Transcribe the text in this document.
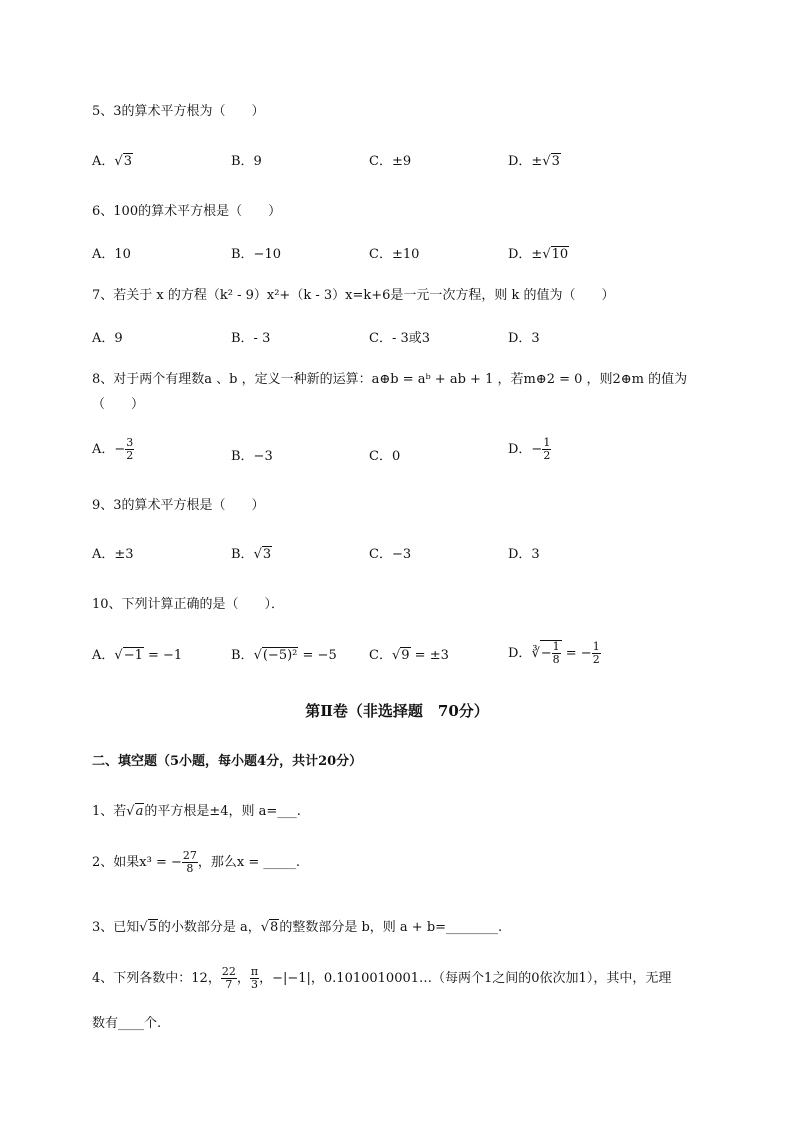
5、3的算术平方根为（　　）
A．√3	B．9	C．±9	D．±√3
6、100的算术平方根是（　　）
A．10	B．−10	C．±10	D．±√10
7、若关于 x 的方程（k² - 9）x²+（k - 3）x=k+6是一元一次方程，则 k 的值为（　　）
A．9	B．- 3	C．- 3或3	D．3
8、对于两个有理数a 、b ，定义一种新的运算：a⊕b = aᵇ + ab + 1 ，若m⊕2 = 0 ，则2⊕m 的值为
（　　）
A．− $\frac{3}{2}$	B．−3	C．0	D．− $\frac{1}{2}$
9、3的算术平方根是（　　）
A．±3	B．√3	C．−3	D．3
10、下列计算正确的是（　　）．
A．√−1 = −1	B．√(−5)² = −5 C．√9 = ±3	D．∛− $\frac{1}{8}$ = − $\frac{1}{2}$
第Ⅱ卷（非选择题　70分）
二、填空题（5小题，每小题4分，共计20分）
1、若√a的平方根是±4，则 a=___.
2、如果x³ = − $\frac{27}{8}$ ，那么x = _____.
3、已知√5的小数部分是 a，√8的整数部分是 b，则 a + b=________.
4、下列各数中：12， $\frac{22}{7}$ ， $\frac{\pi}{3}$ ，−|−1|，0.1010010001…（每两个1之间的0依次加1），其中，无理
数有____个.
